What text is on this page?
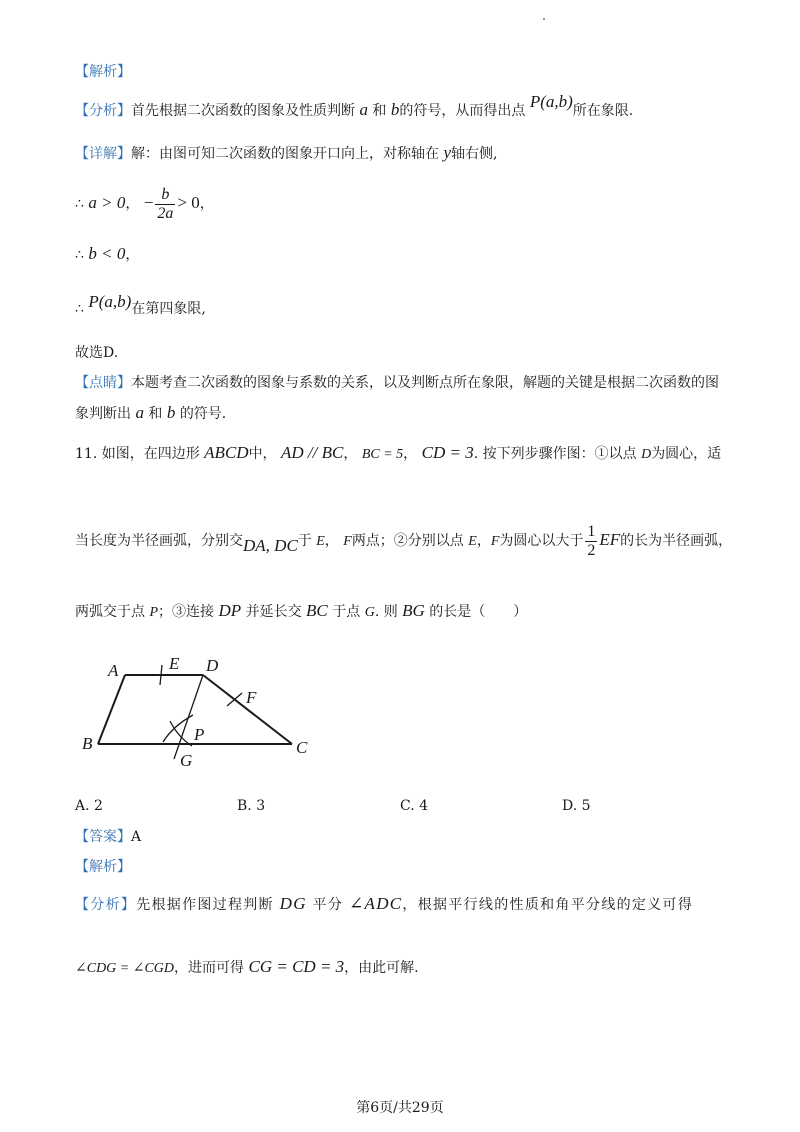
【解析】
【分析】首先根据二次函数的图象及性质判断 a 和 b的符号，从而得出点 P(a,b)所在象限.
【详解】解：由图可知二次函数的图象开口向上，对称轴在 y轴右侧,
∴ a > 0， − $\frac{b}{2a} > 0$，
∴ b < 0，
∴ P(a,b)在第四象限,
故选D.
【点睛】本题考查二次函数的图象与系数的关系，以及判断点所在象限，解题的关键是根据二次函数的图
象判断出 a 和 b 的符号.
11. 如图，在四边形 ABCD中， AD // BC， BC = 5， CD = 3. 按下列步骤作图：①以点 D为圆心，适
当长度为半径画弧，分别交DA, DC于 E， F两点；②分别以点 E，F为圆心以大于 $\frac{1}{2}$ EF的长为半径画弧，
两弧交于点 P；③连接 DP 并延长交 BC 于点 G. 则 BG 的长是（　　）
A	E D
F
B	P
C
G
A. 2	B. 3	C. 4	D. 5
【答案】A
【解析】
【分析】先根据作图过程判断 DG 平分 ∠ADC，根据平行线的性质和角平分线的定义可得
∠CDG = ∠CGD，进而可得 CG = CD = 3，由此可解.
第6页/共29页
